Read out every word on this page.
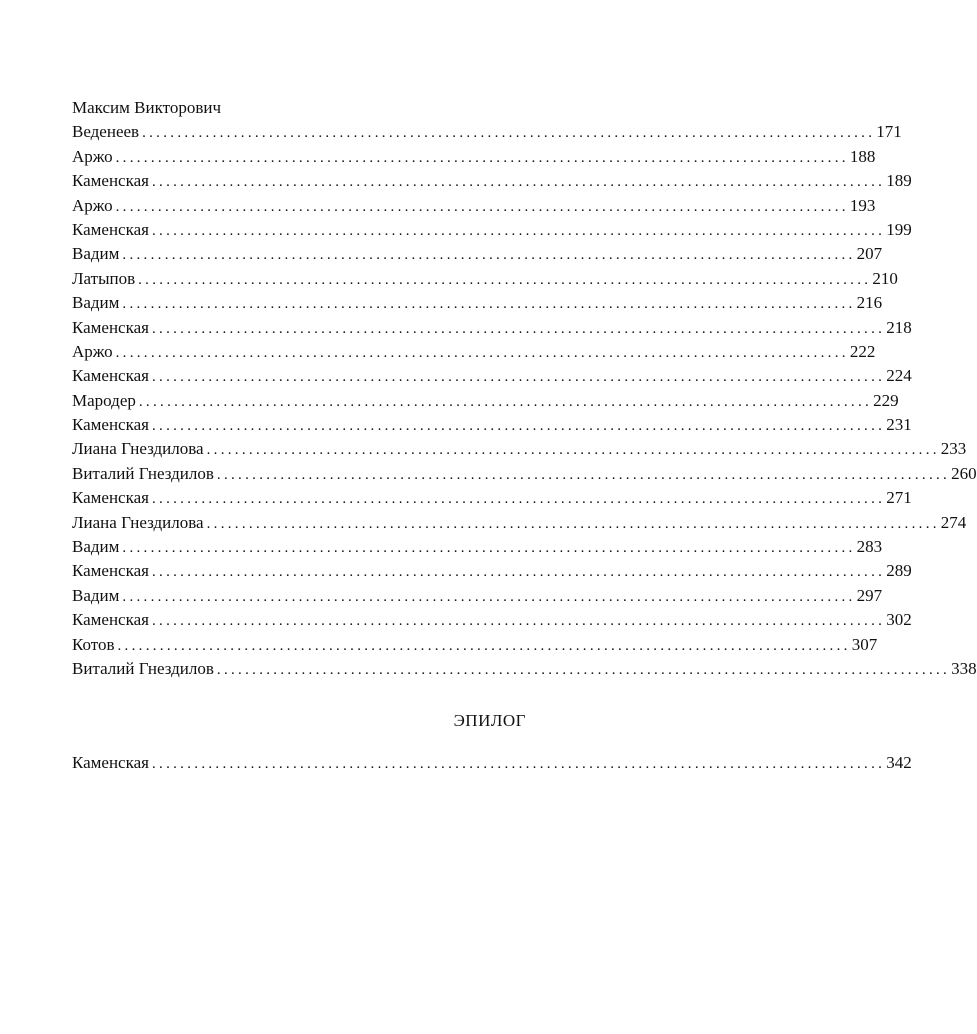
Максим Викторович
Веденеев ........................................................................................................ 171
Аржо ........................................................................................................ 188
Каменская ........................................................................................................ 189
Аржо ........................................................................................................ 193
Каменская ........................................................................................................ 199
Вадим ........................................................................................................ 207
Латыпов ........................................................................................................ 210
Вадим ........................................................................................................ 216
Каменская ........................................................................................................ 218
Аржо ........................................................................................................ 222
Каменская ........................................................................................................ 224
Мародер ........................................................................................................ 229
Каменская ........................................................................................................ 231
Лиана Гнездилова ........................................................................................................ 233
Виталий Гнездилов ........................................................................................................ 260
Каменская ........................................................................................................ 271
Лиана Гнездилова ........................................................................................................ 274
Вадим ........................................................................................................ 283
Каменская ........................................................................................................ 289
Вадим ........................................................................................................ 297
Каменская ........................................................................................................ 302
Котов ........................................................................................................ 307
Виталий Гнездилов ........................................................................................................ 338
ЭПИЛОГ
Каменская ........................................................................................................ 342
